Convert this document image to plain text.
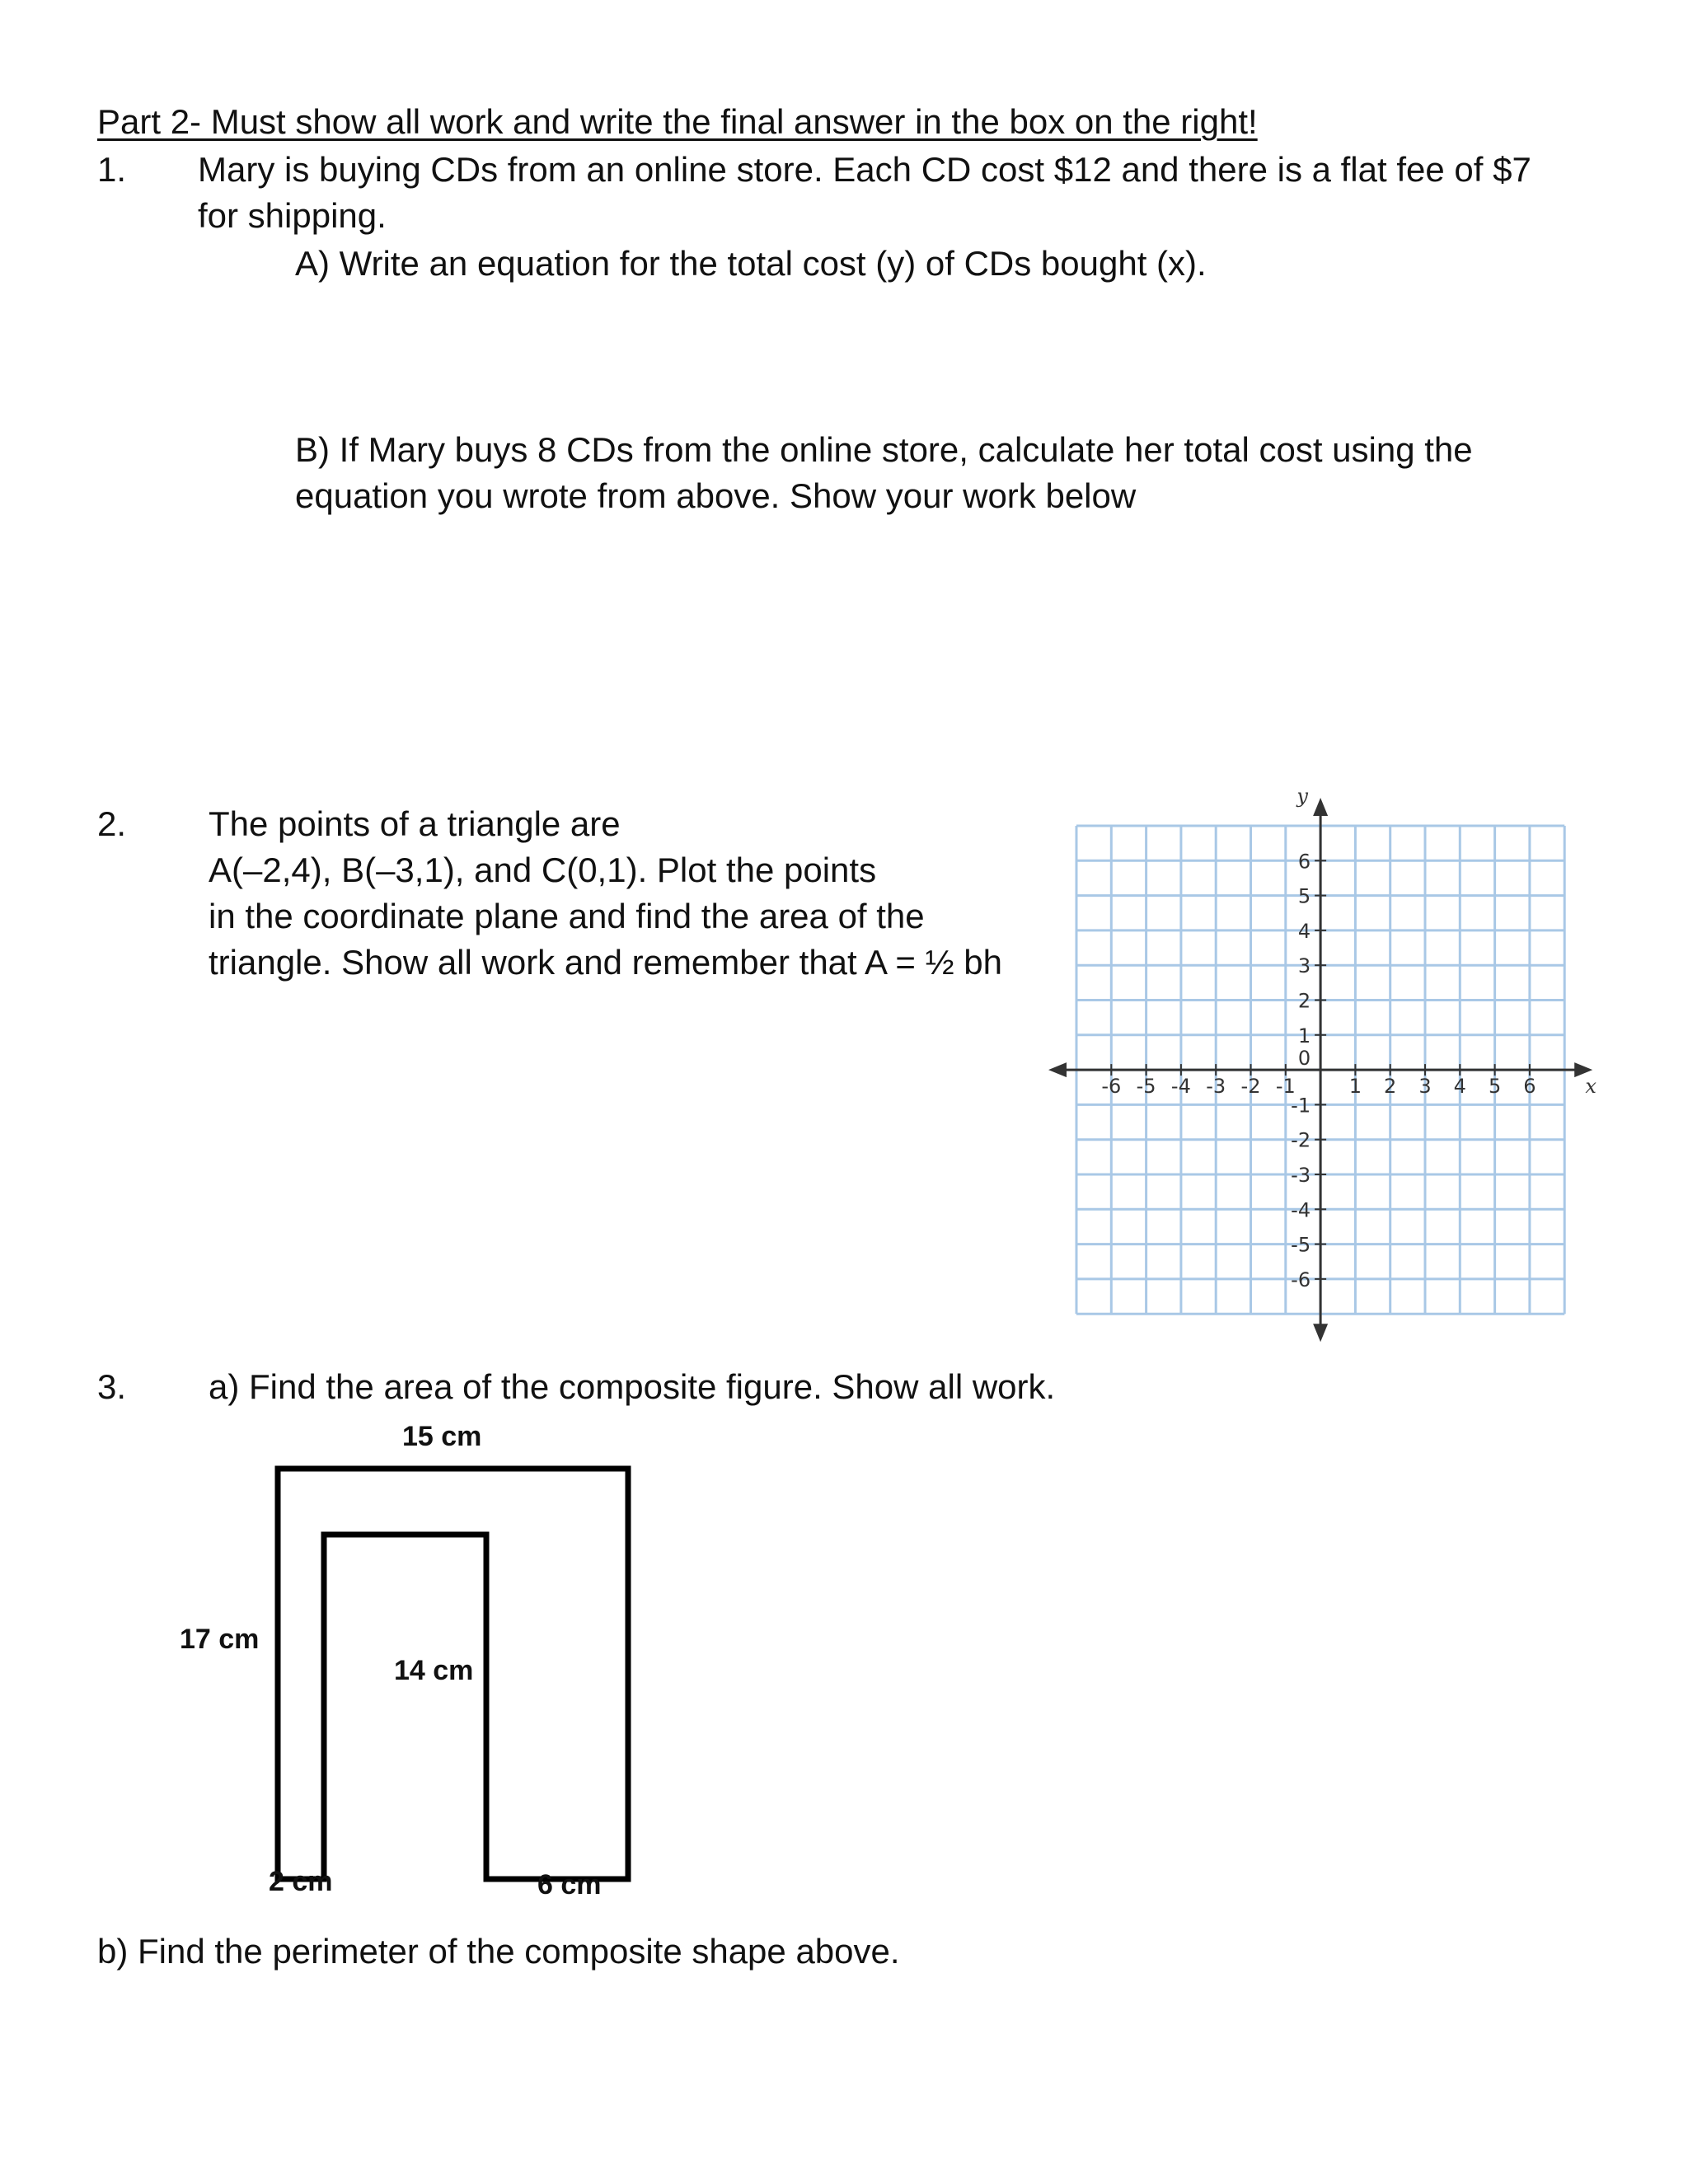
Part 2- Must show all work and write the final answer in the box on the right!
1. Mary is buying CDs from an online store. Each CD cost $12 and there is a flat fee of $7
for shipping.
A) Write an equation for the total cost (y) of CDs bought (x).
B) If Mary buys 8 CDs from the online store, calculate her total cost using the
equation you wrote from above. Show your work below
2. The points of a triangle are
A(–2,4), B(–3,1), and C(0,1). Plot the points
in the coordinate plane and find the area of the
triangle. Show all work and remember that A = ½ bh
-6 -5 -4 -3 -2 -1	1 2 3 4 5 6
6
5
4
3
2
1
-1
-2
-3
-4
-5
-6
0
x
y
3. a) Find the area of the composite figure. Show all work.
15 cm
17 cm
14 cm
2 cm	6 cm
b) Find the perimeter of the composite shape above.
